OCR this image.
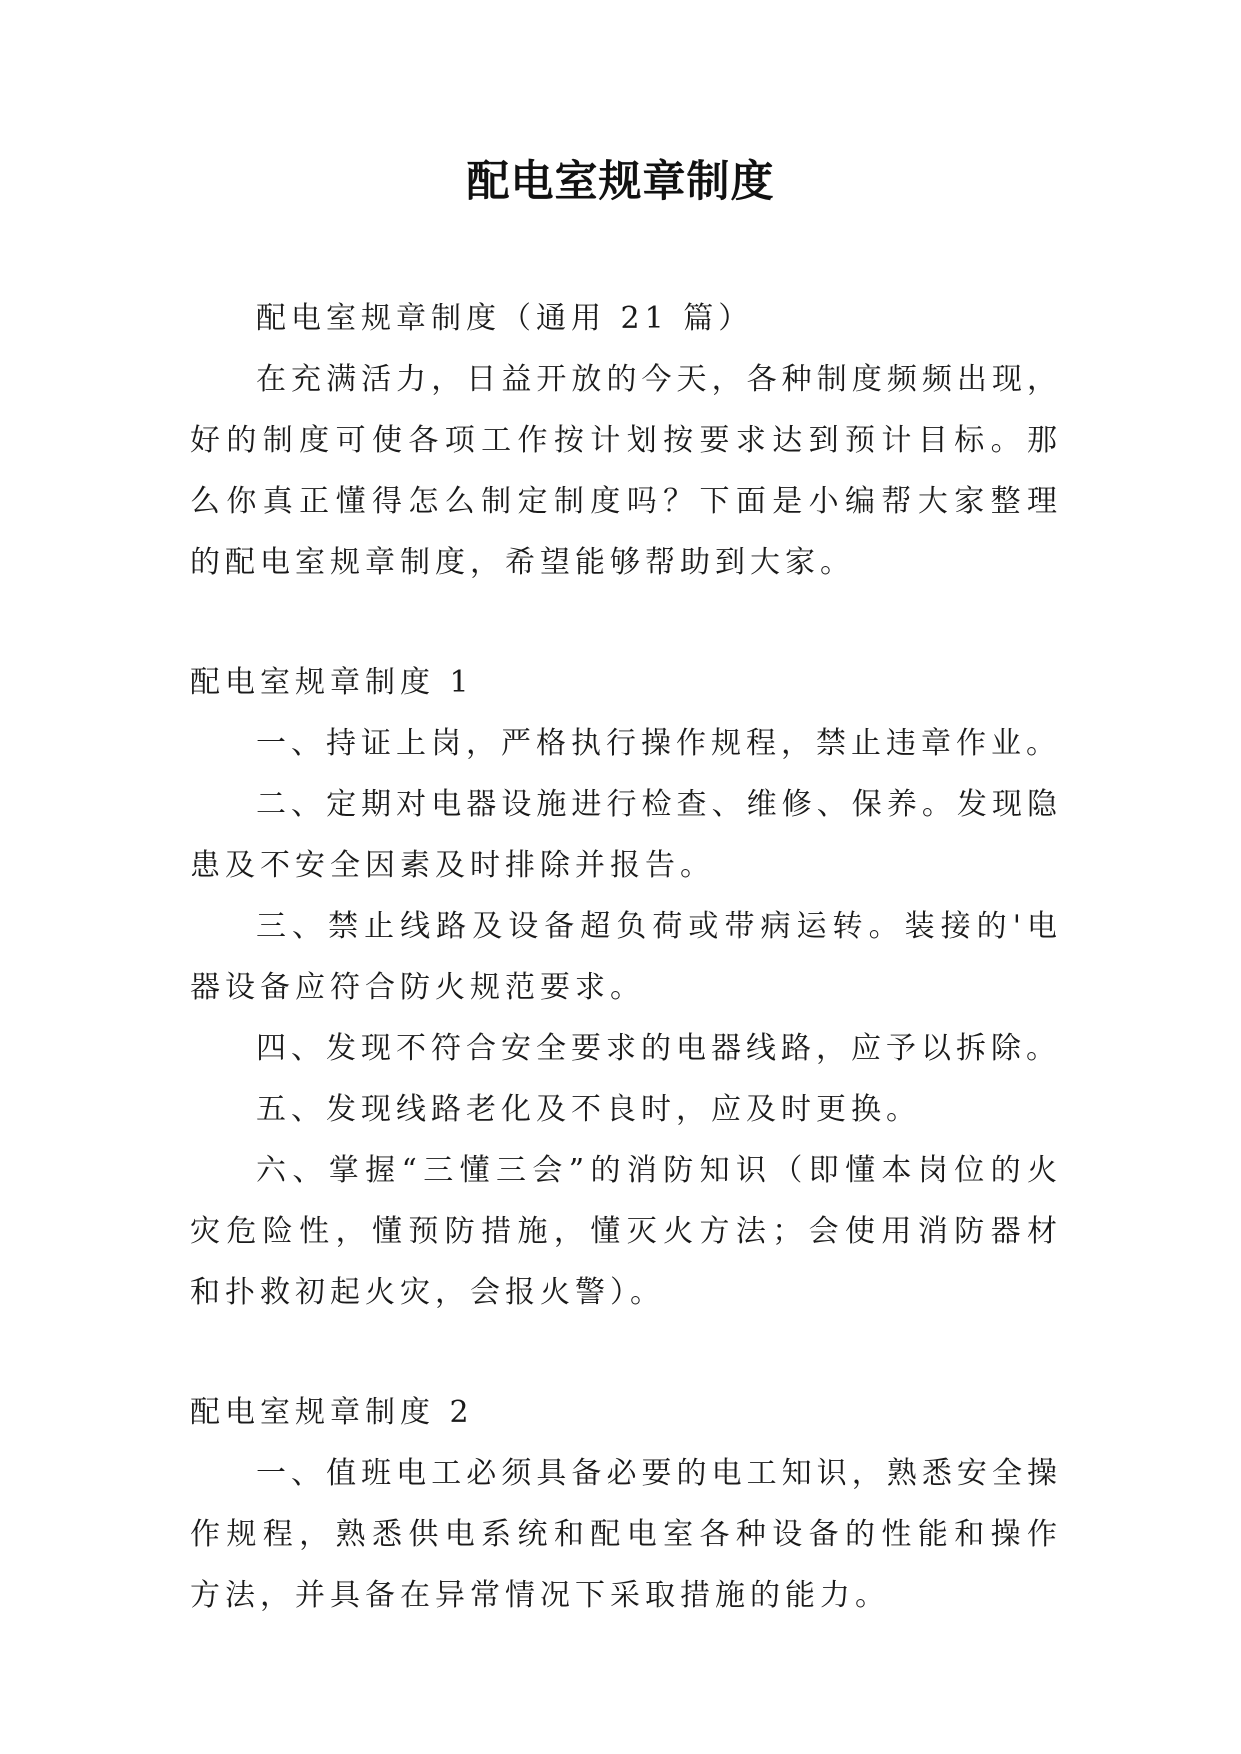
配电室规章制度

配电室规章制度（通用 21 篇）

在充满活力，日益开放的今天，各种制度频频出现，好的制度可使各项工作按计划按要求达到预计目标。那么你真正懂得怎么制定制度吗？下面是小编帮大家整理的配电室规章制度，希望能够帮助到大家。

配电室规章制度 1

一、持证上岗，严格执行操作规程，禁止违章作业。

二、定期对电器设施进行检查、维修、保养。发现隐患及不安全因素及时排除并报告。

三、禁止线路及设备超负荷或带病运转。装接的'电器设备应符合防火规范要求。

四、发现不符合安全要求的电器线路，应予以拆除。

五、发现线路老化及不良时，应及时更换。

六、掌握“三懂三会”的消防知识（即懂本岗位的火灾危险性，懂预防措施，懂灭火方法；会使用消防器材和扑救初起火灾，会报火警）。

配电室规章制度 2

一、值班电工必须具备必要的电工知识，熟悉安全操作规程，熟悉供电系统和配电室各种设备的性能和操作方法，并具备在异常情况下采取措施的能力。
